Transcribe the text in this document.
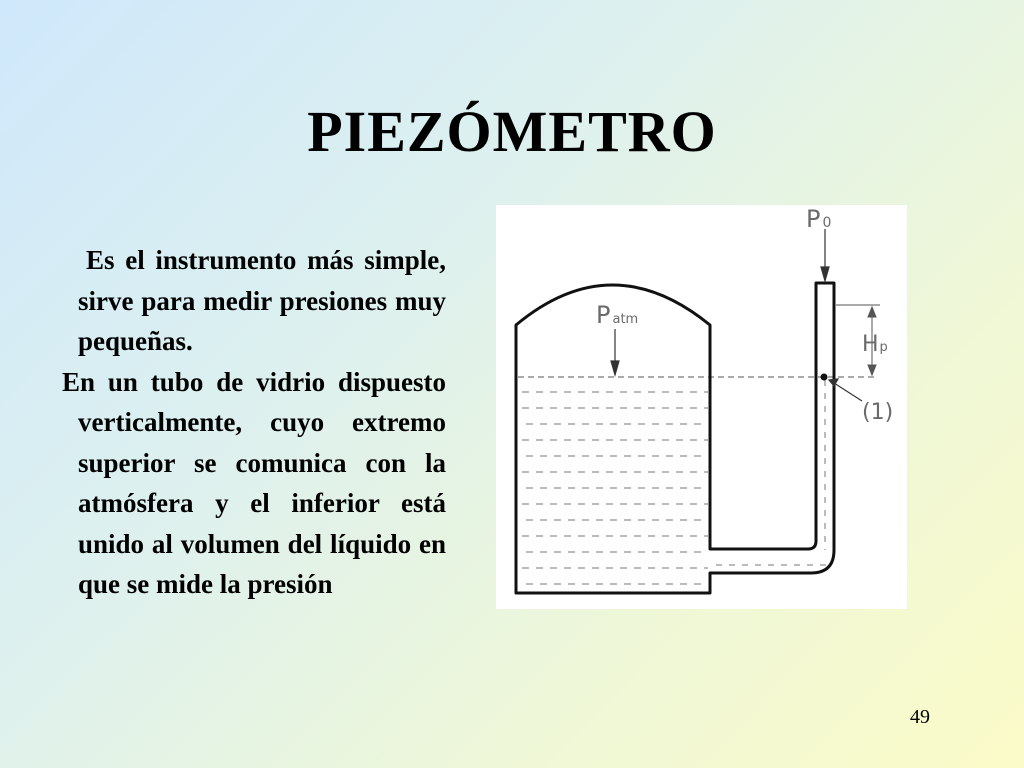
PIEZÓMETRO

Es el instrumento más simple, sirve para medir presiones muy pequeñas.

En un tubo de vidrio dispuesto verticalmente, cuyo extremo superior se comunica con la atmósfera y el inferior está unido al volumen del líquido en que se mide la presión

P 0
Patm
Hp
(1)
49
